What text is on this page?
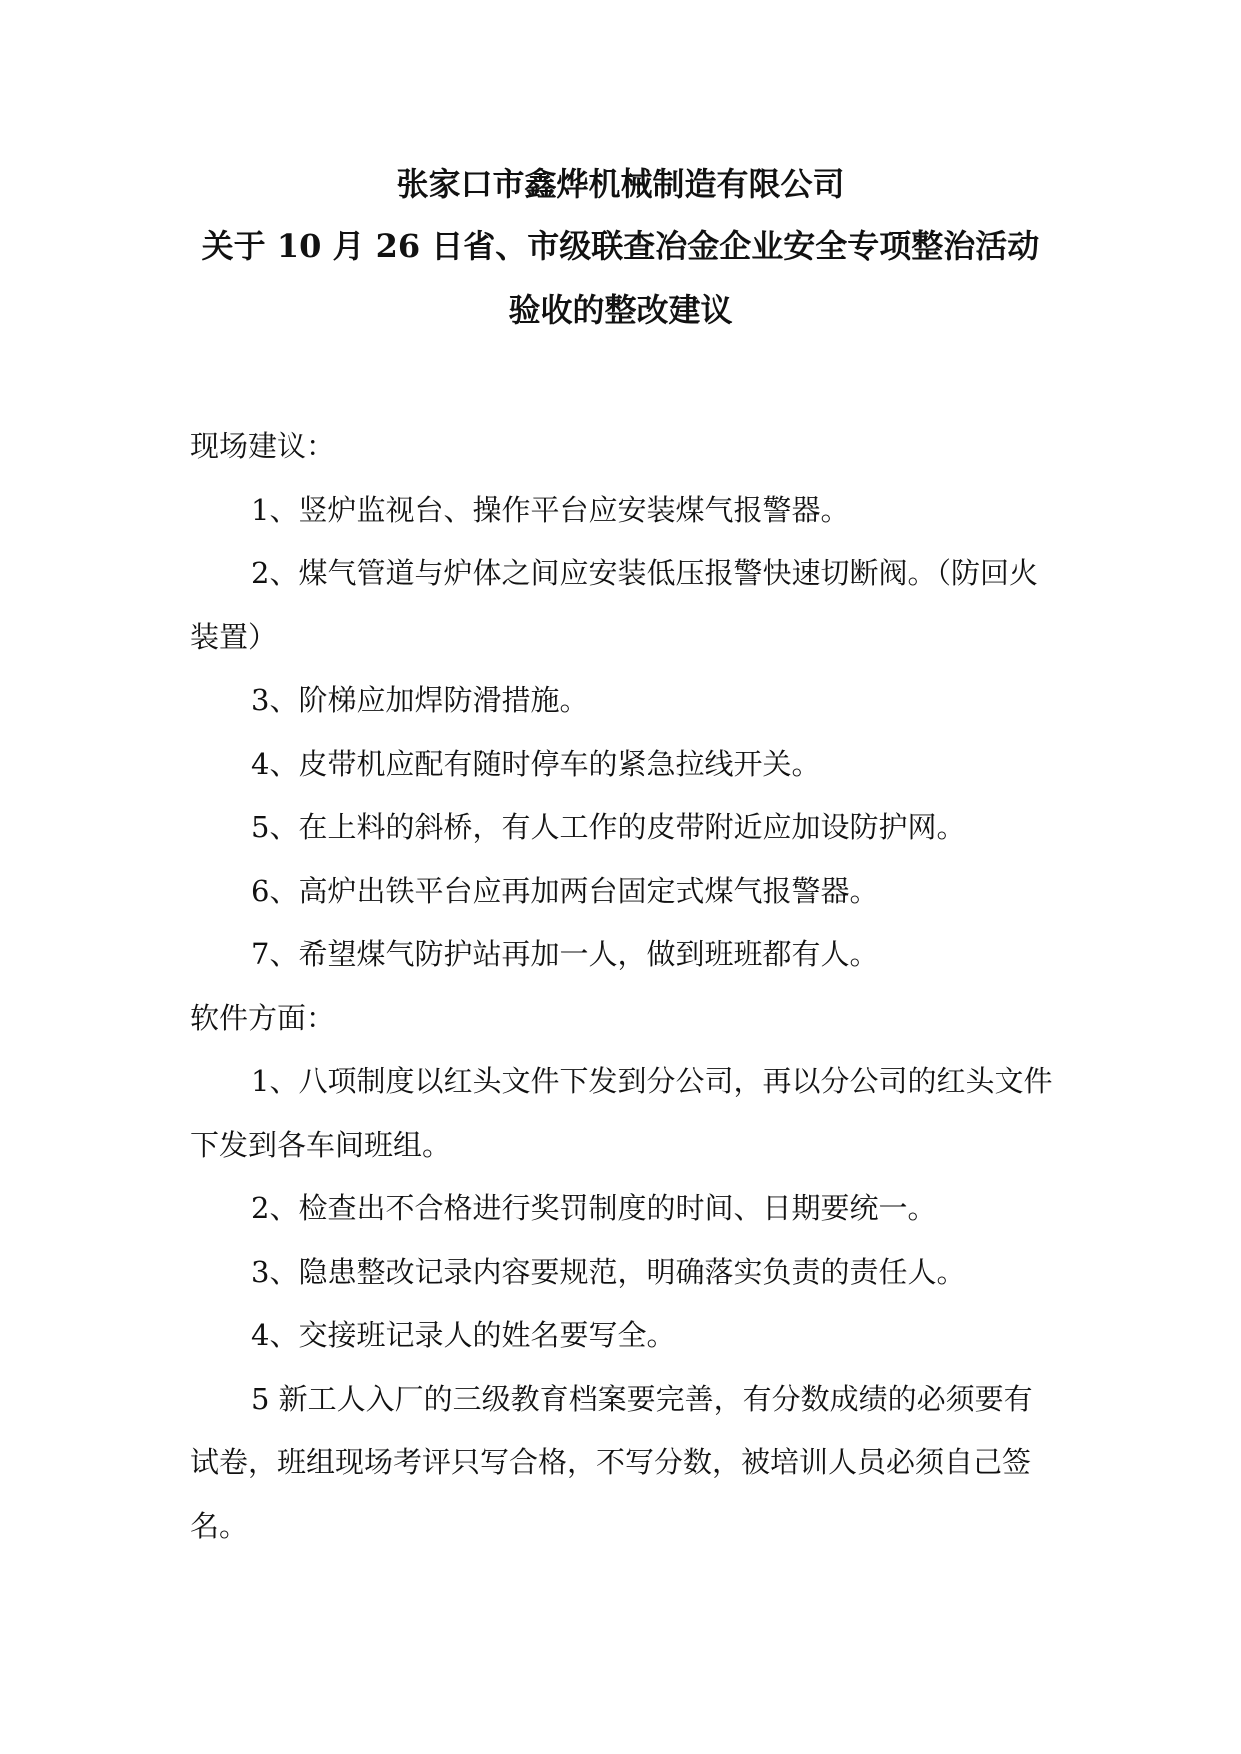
张家口市鑫烨机械制造有限公司
关于 10 月 26 日省、市级联查冶金企业安全专项整治活动
验收的整改建议

现场建议：

1、竖炉监视台、操作平台应安装煤气报警器。

2、煤气管道与炉体之间应安装低压报警快速切断阀。（防回火装置）

3、阶梯应加焊防滑措施。

4、皮带机应配有随时停车的紧急拉线开关。

5、在上料的斜桥，有人工作的皮带附近应加设防护网。

6、高炉出铁平台应再加两台固定式煤气报警器。

7、希望煤气防护站再加一人，做到班班都有人。

软件方面：

1、八项制度以红头文件下发到分公司，再以分公司的红头文件下发到各车间班组。

2、检查出不合格进行奖罚制度的时间、日期要统一。

3、隐患整改记录内容要规范，明确落实负责的责任人。

4、交接班记录人的姓名要写全。

5 新工人入厂的三级教育档案要完善，有分数成绩的必须要有试卷，班组现场考评只写合格，不写分数，被培训人员必须自己签名。
